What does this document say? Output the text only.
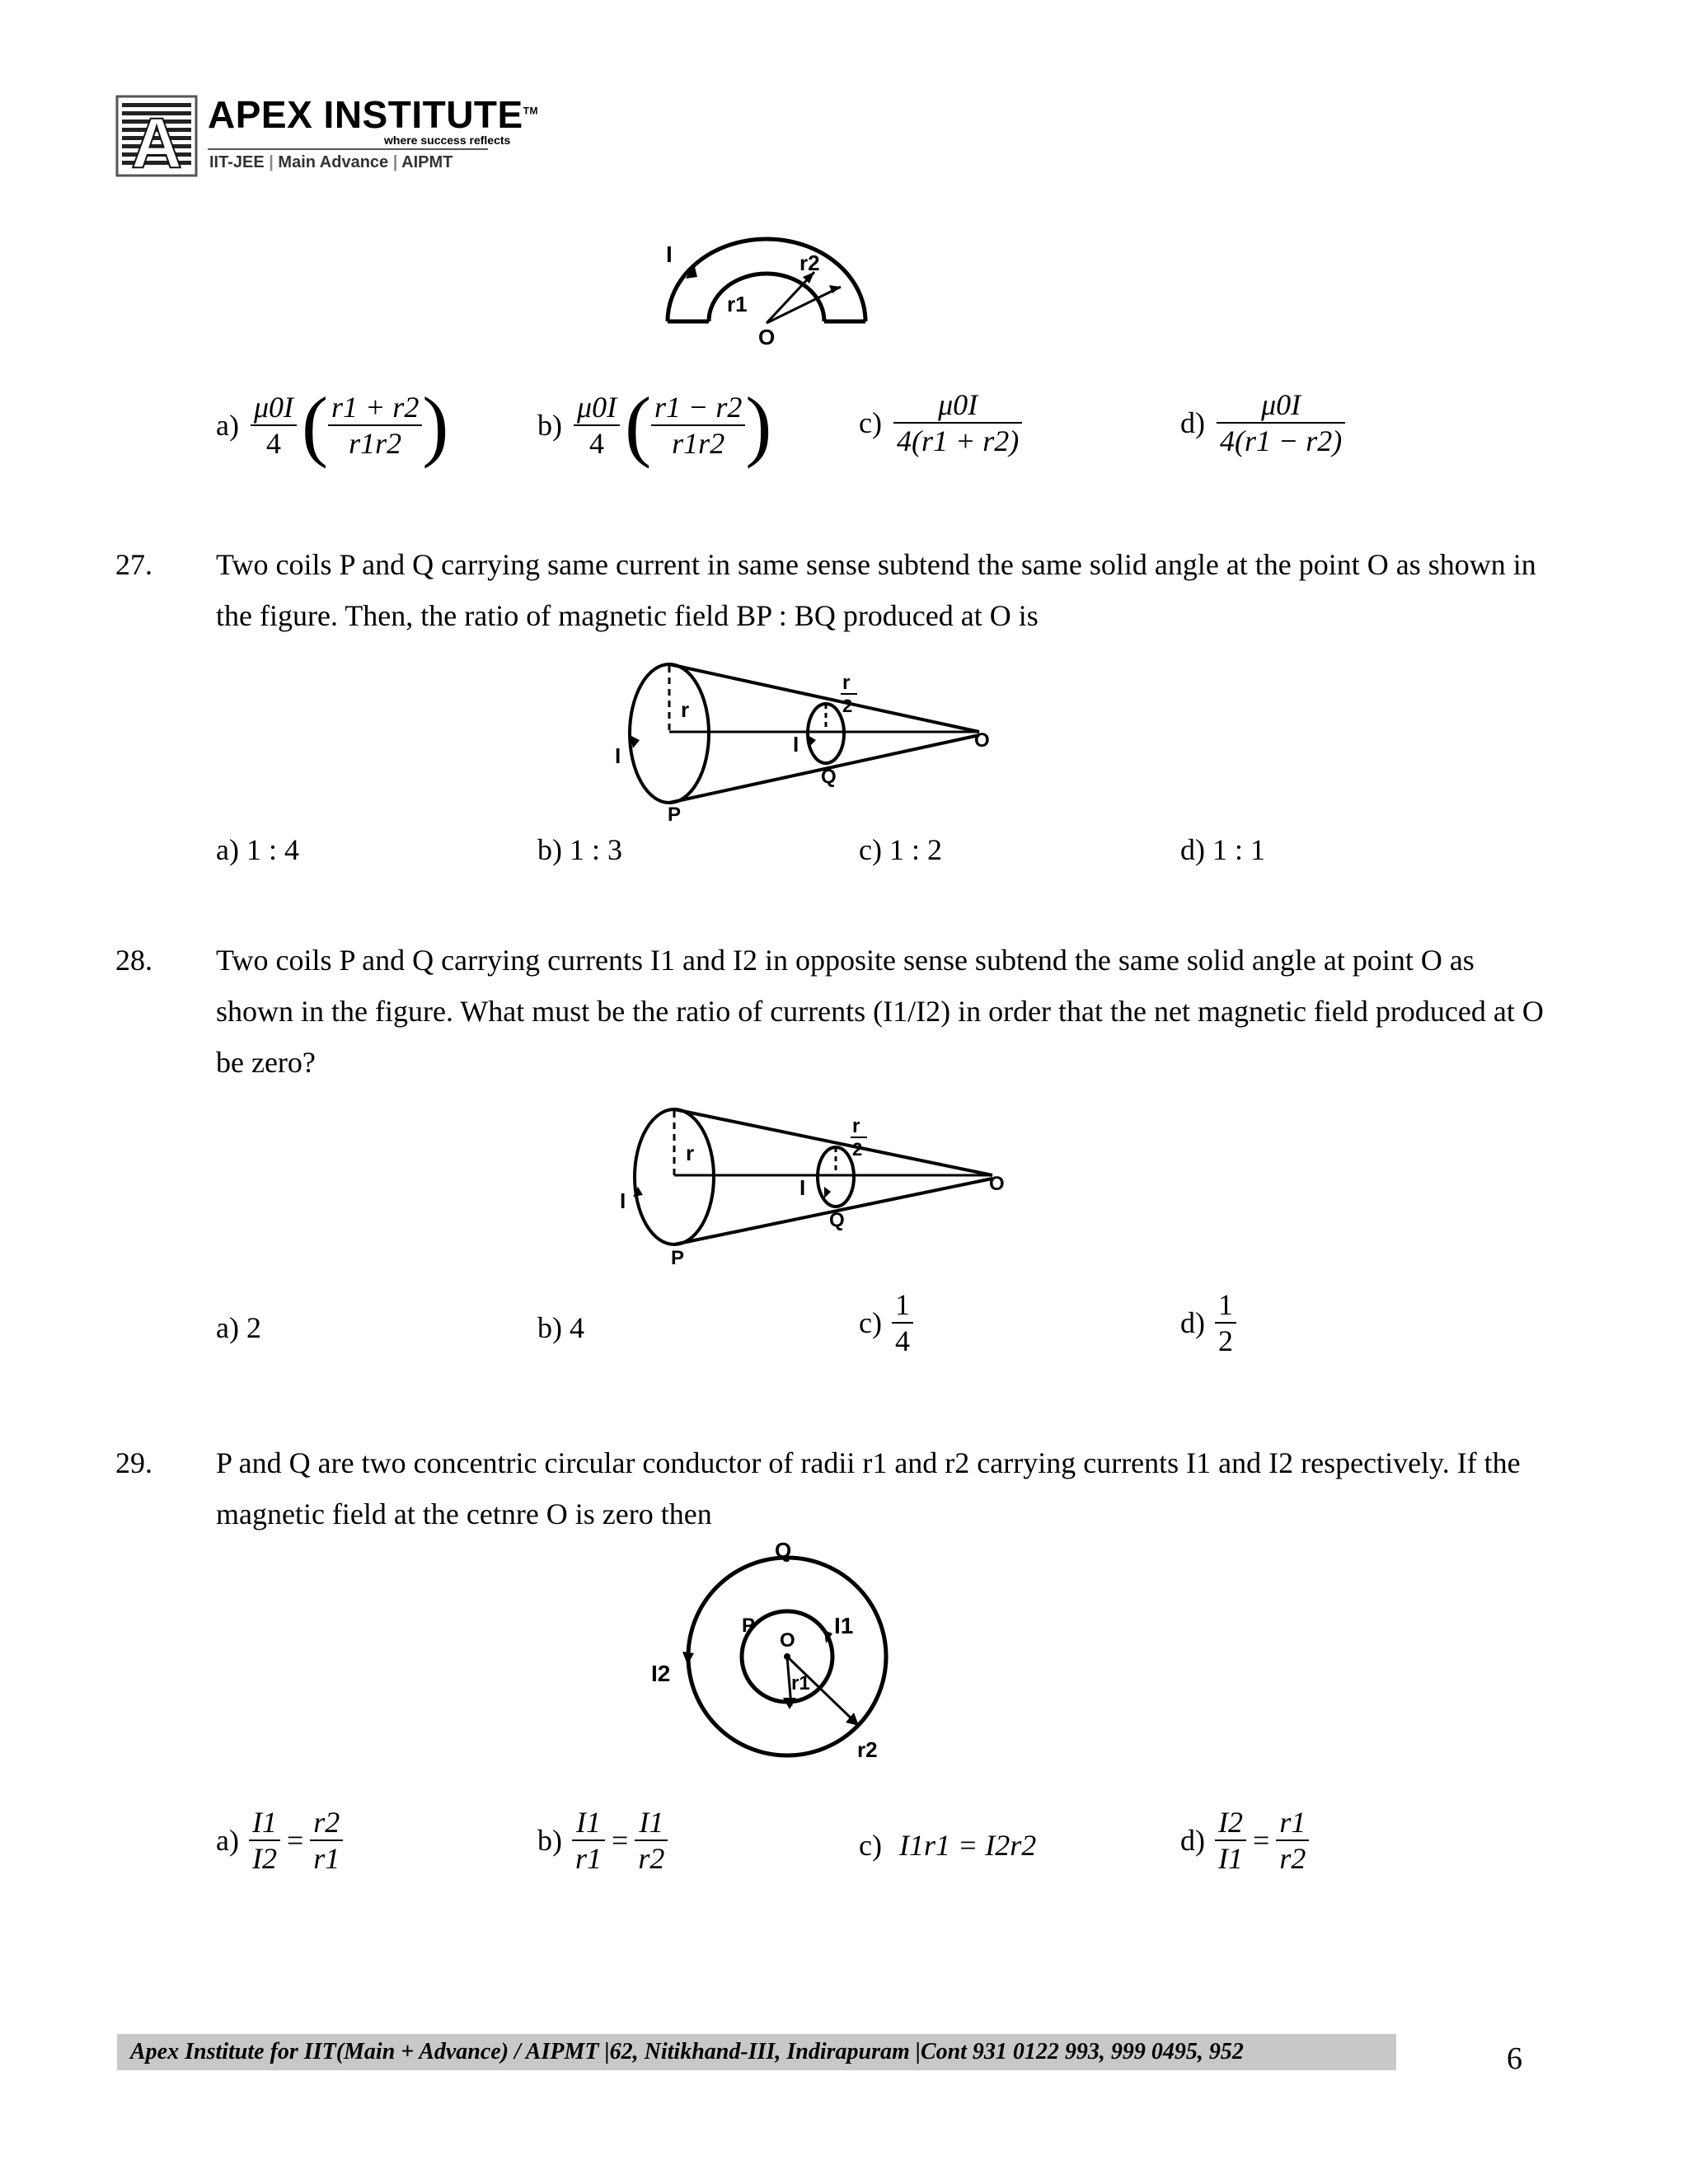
A APEX INSTITUTE™
where success reflects
IIT-JEE | Main Advance | AIPMT
I
r1
r2
O
$a) \frac{\mu 0I}{4}$ ( $\frac{r1 + r2}{r1r2}$ )	$b) \frac{\mu 0I}{4}$ ( $\frac{r1 - r2}{r1r2}$ )	$c) \frac{\mu 0I}{4(r1 + r2)}$	$d) \frac{\mu 0I}{4(r1 - r2)}$
27. Two coils P and Q carrying same current in same sense subtend the same solid angle at the point O as shown in
the figure. Then, the ratio of magnetic field BP : BQ produced at O is
r
r
2
I	I
P
Q
O
a) 1 : 4	b) 1 : 3	c) 1 : 2	d) 1 : 1
28. Two coils P and Q carrying currents I1 and I2 in opposite sense subtend the same solid angle at point O as
shown in the figure. What must be the ratio of currents (I1/I2) in order that the net magnetic field produced at O
be zero?
r
r
2
I
I
P
Q
O
a) 2	b) 4	$c) \frac{1}{4}$	$d) \frac{1}{2}$
29. P and Q are two concentric circular conductor of radii r1 and r2 carrying currents I1 and I2 respectively. If the
magnetic field at the cetnre O is zero then
Q
P
O
I1
I2	r1
r2
$a) \frac{I1}{I2} = \frac{r2}{r1}$	$b) \frac{I1}{r1} = \frac{I1}{r2}$	c) I1r1 = I2r2	$d) \frac{I2}{I1} = \frac{r1}{r2}$
Apex Institute for IIT(Main + Advance) / AIPMT |62, Nitikhand-III, Indirapuram |Cont 931 0122 993, 999 0495, 952	6
